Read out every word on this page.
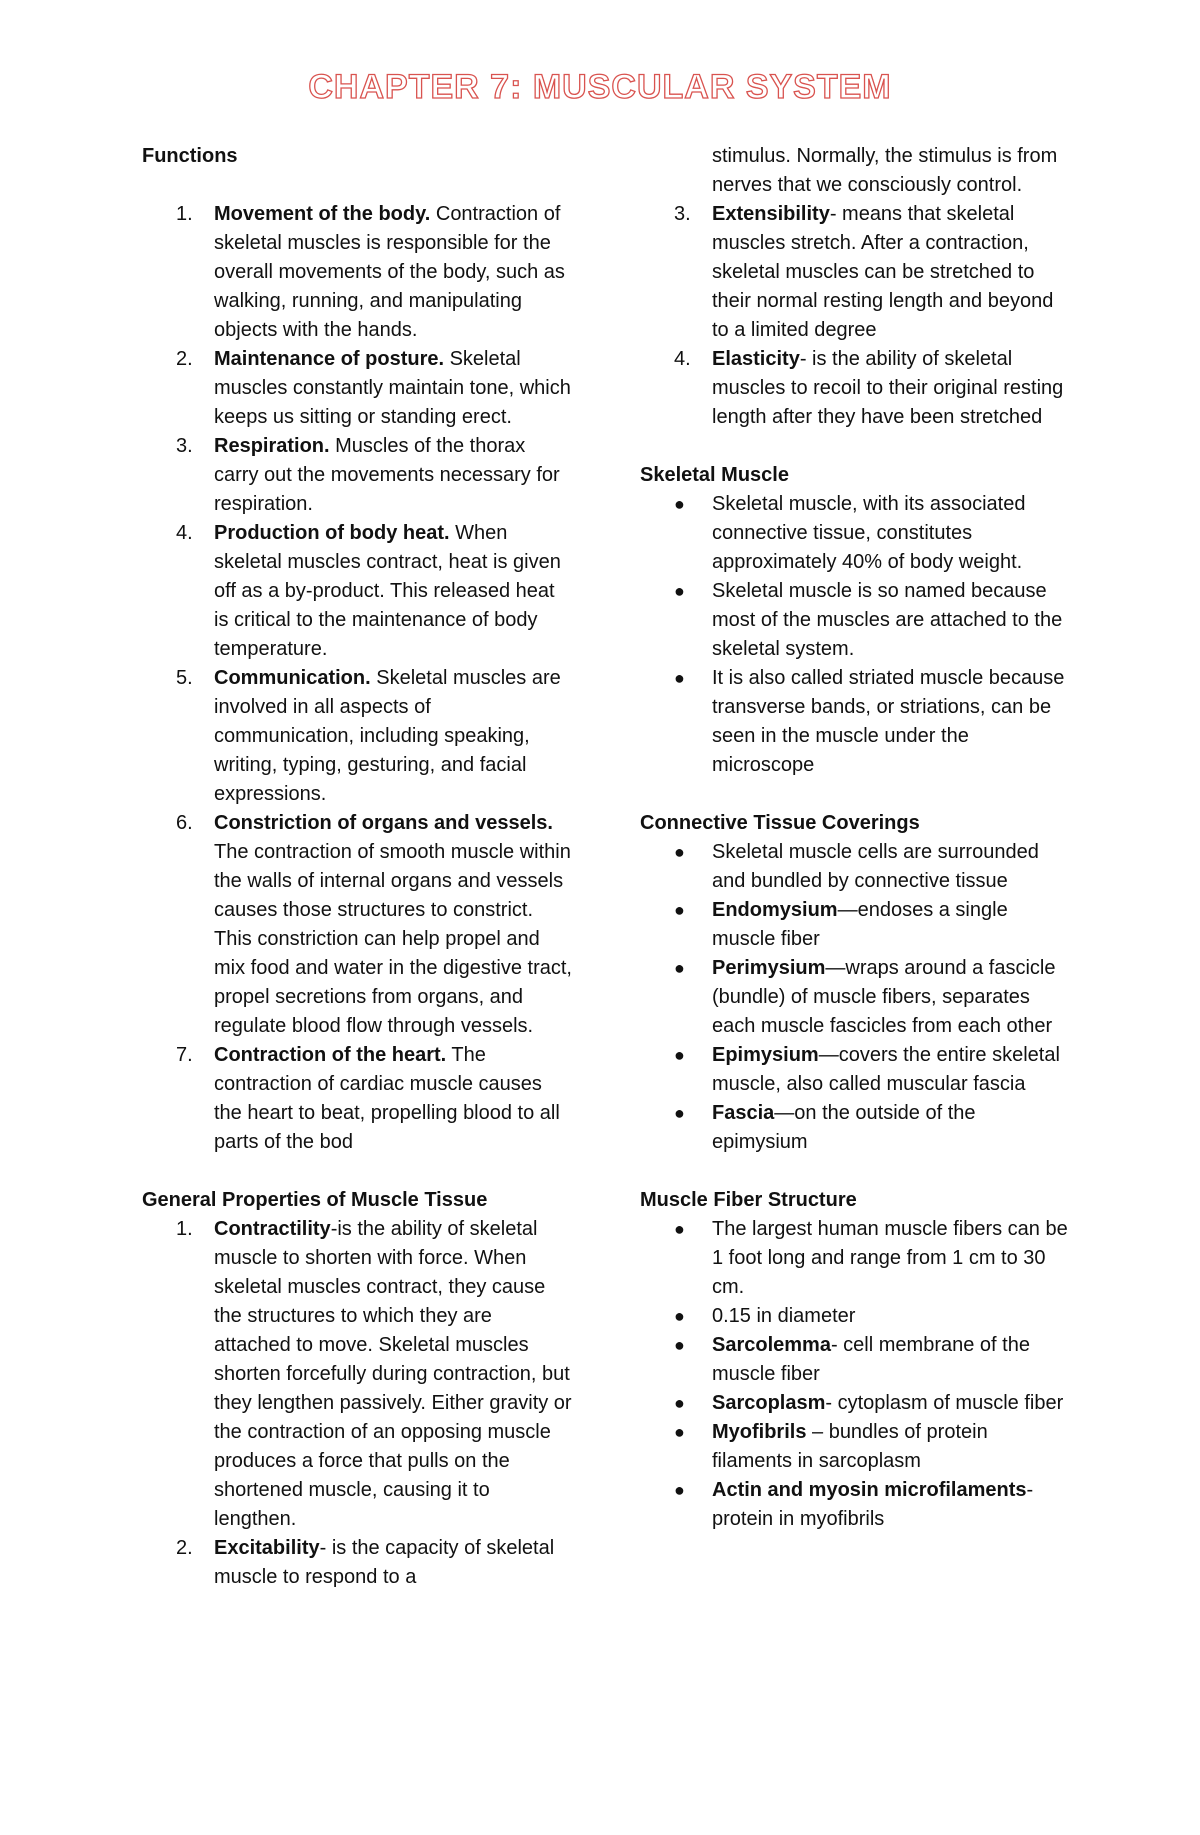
CHAPTER 7: MUSCULAR SYSTEM

Functions

1. Movement of the body. Contraction of skeletal muscles is responsible for the overall movements of the body, such as walking, running, and manipulating objects with the hands.
2. Maintenance of posture. Skeletal muscles constantly maintain tone, which keeps us sitting or standing erect.
3. Respiration. Muscles of the thorax carry out the movements necessary for respiration.
4. Production of body heat. When skeletal muscles contract, heat is given off as a by-product. This released heat is critical to the maintenance of body temperature.
5. Communication. Skeletal muscles are involved in all aspects of communication, including speaking, writing, typing, gesturing, and facial expressions.
6. Constriction of organs and vessels. The contraction of smooth muscle within the walls of internal organs and vessels causes those structures to constrict. This constriction can help propel and mix food and water in the digestive tract, propel secretions from organs, and regulate blood flow through vessels.
7. Contraction of the heart. The contraction of cardiac muscle causes the heart to beat, propelling blood to all parts of the bod

General Properties of Muscle Tissue

1. Contractility-is the ability of skeletal muscle to shorten with force. When skeletal muscles contract, they cause the structures to which they are attached to move. Skeletal muscles shorten forcefully during contraction, but they lengthen passively. Either gravity or the contraction of an opposing muscle produces a force that pulls on the shortened muscle, causing it to lengthen.
2. Excitability- is the capacity of skeletal muscle to respond to a
stimulus. Normally, the stimulus is from nerves that we consciously control.
3. Extensibility- means that skeletal muscles stretch. After a contraction, skeletal muscles can be stretched to their normal resting length and beyond to a limited degree
4. Elasticity- is the ability of skeletal muscles to recoil to their original resting length after they have been stretched

Skeletal Muscle

● Skeletal muscle, with its associated connective tissue, constitutes approximately 40% of body weight.
● Skeletal muscle is so named because most of the muscles are attached to the skeletal system.
● It is also called striated muscle because transverse bands, or striations, can be seen in the muscle under the microscope

Connective Tissue Coverings

● Skeletal muscle cells are surrounded and bundled by connective tissue
● Endomysium—endoses a single muscle fiber
● Perimysium—wraps around a fascicle (bundle) of muscle fibers, separates each muscle fascicles from each other
● Epimysium—covers the entire skeletal muscle, also called muscular fascia
● Fascia—on the outside of the epimysium

Muscle Fiber Structure

● The largest human muscle fibers can be 1 foot long and range from 1 cm to 30 cm.
● 0.15 in diameter
● Sarcolemma- cell membrane of the muscle fiber
● Sarcoplasm- cytoplasm of muscle fiber
● Myofibrils – bundles of protein filaments in sarcoplasm
● Actin and myosin microfilaments- protein in myofibrils
